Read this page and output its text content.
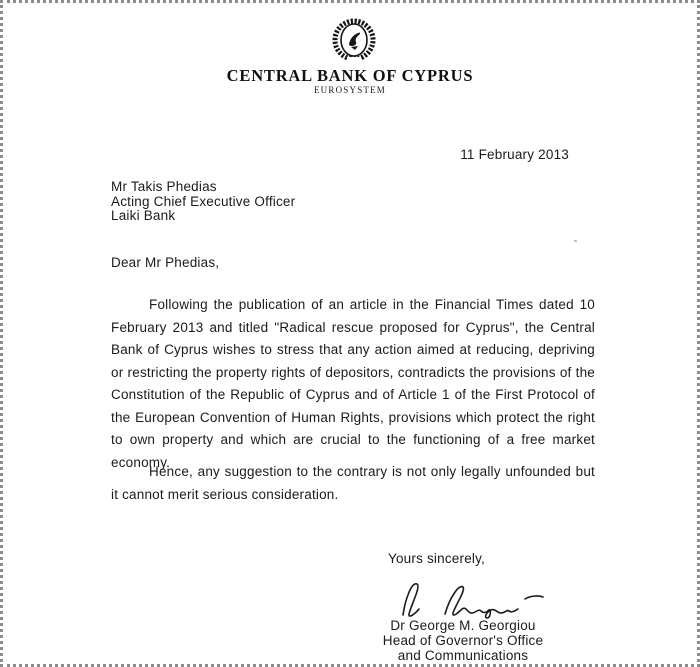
CENTRAL BANK OF CYPRUS
EUROSYSTEM
11 February 2013
Mr Takis Phedias
Acting Chief Executive Officer
Laiki Bank
Dear Mr Phedias,
Following the publication of an article in the Financial Times dated 10 February 2013 and titled "Radical rescue proposed for Cyprus", the Central Bank of Cyprus wishes to stress that any action aimed at reducing, depriving or restricting the property rights of depositors, contradicts the provisions of the Constitution of the Republic of Cyprus and of Article 1 of the First Protocol of the European Convention of Human Rights, provisions which protect the right to own property and which are crucial to the functioning of a free market economy.
Hence, any suggestion to the contrary is not only legally unfounded but it cannot merit serious consideration.
Yours sincerely,
Dr George M. Georgiou
Head of Governor's Office
and Communications
